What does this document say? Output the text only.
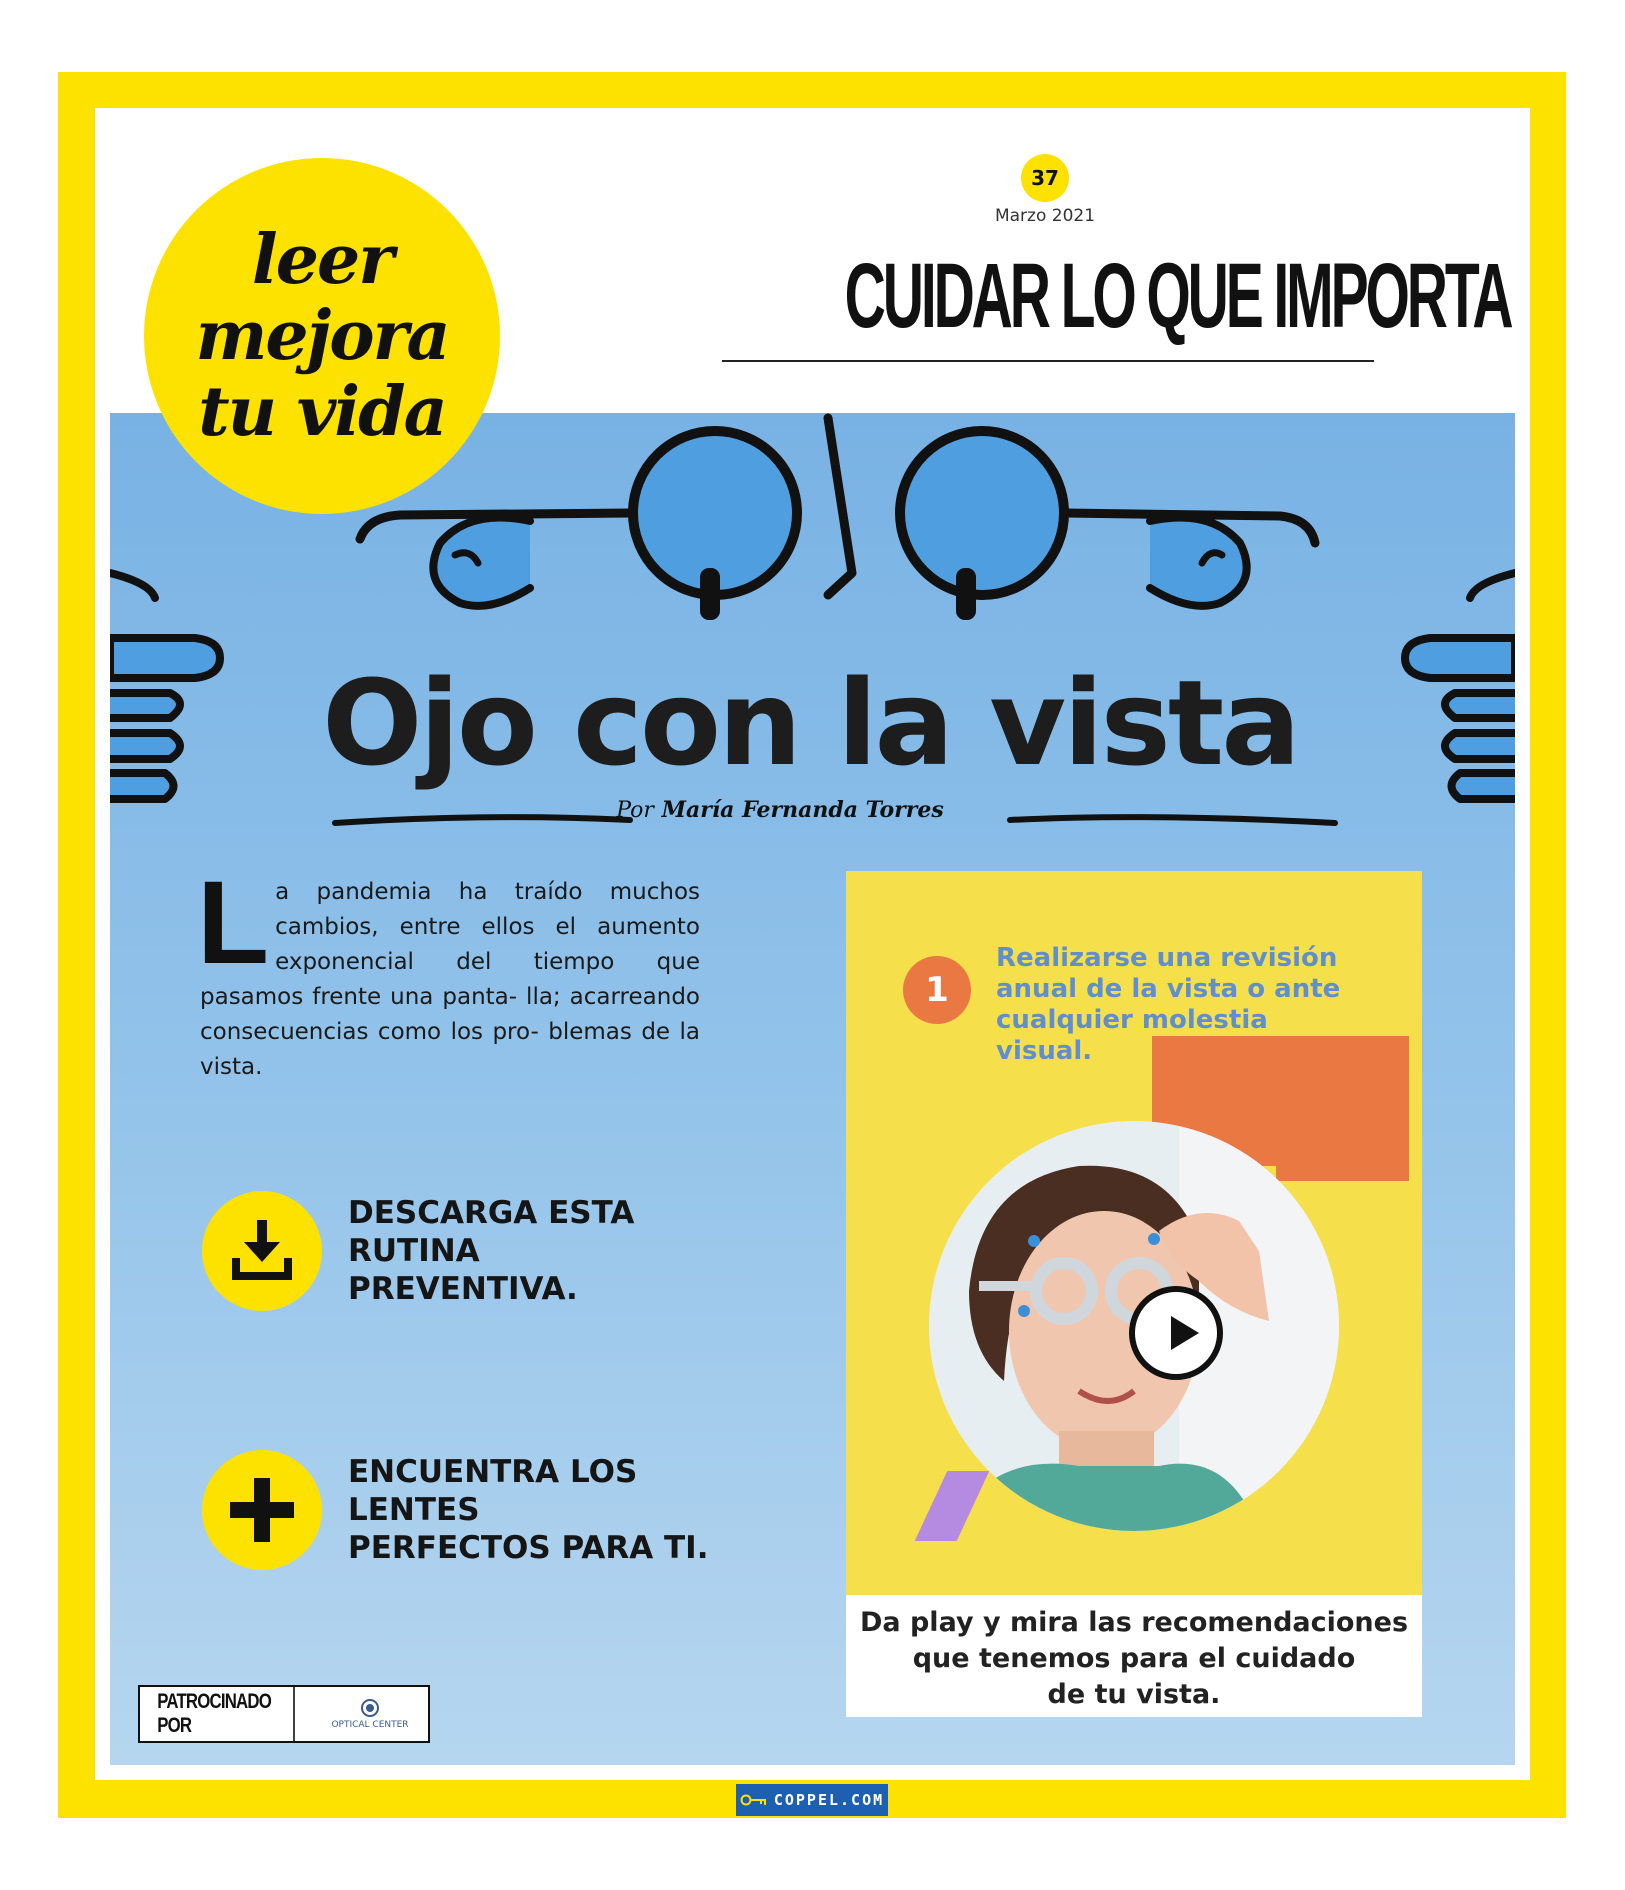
37
Marzo 2021
CUIDAR LO QUE IMPORTA
Ojo con la vista
Por María Fernanda Torres
La pandemia ha traído muchos cambios, entre ellos el aumento exponencial del tiempo que pasamos frente una panta- lla; acarreando consecuencias como los pro- blemas de la vista.
DESCARGA ESTA RUTINA
PREVENTIVA.
ENCUENTRA LOS LENTES
PERFECTOS PARA TI.
1
Realizarse una revisión anual de la vista o ante cualquier molestia visual.
Da play y mira las recomendaciones
que tenemos para el cuidado
de tu vista.
PATROCINADO POR	OPTICAL CENTER
leer
mejora
tu vida
COPPEL.COM
